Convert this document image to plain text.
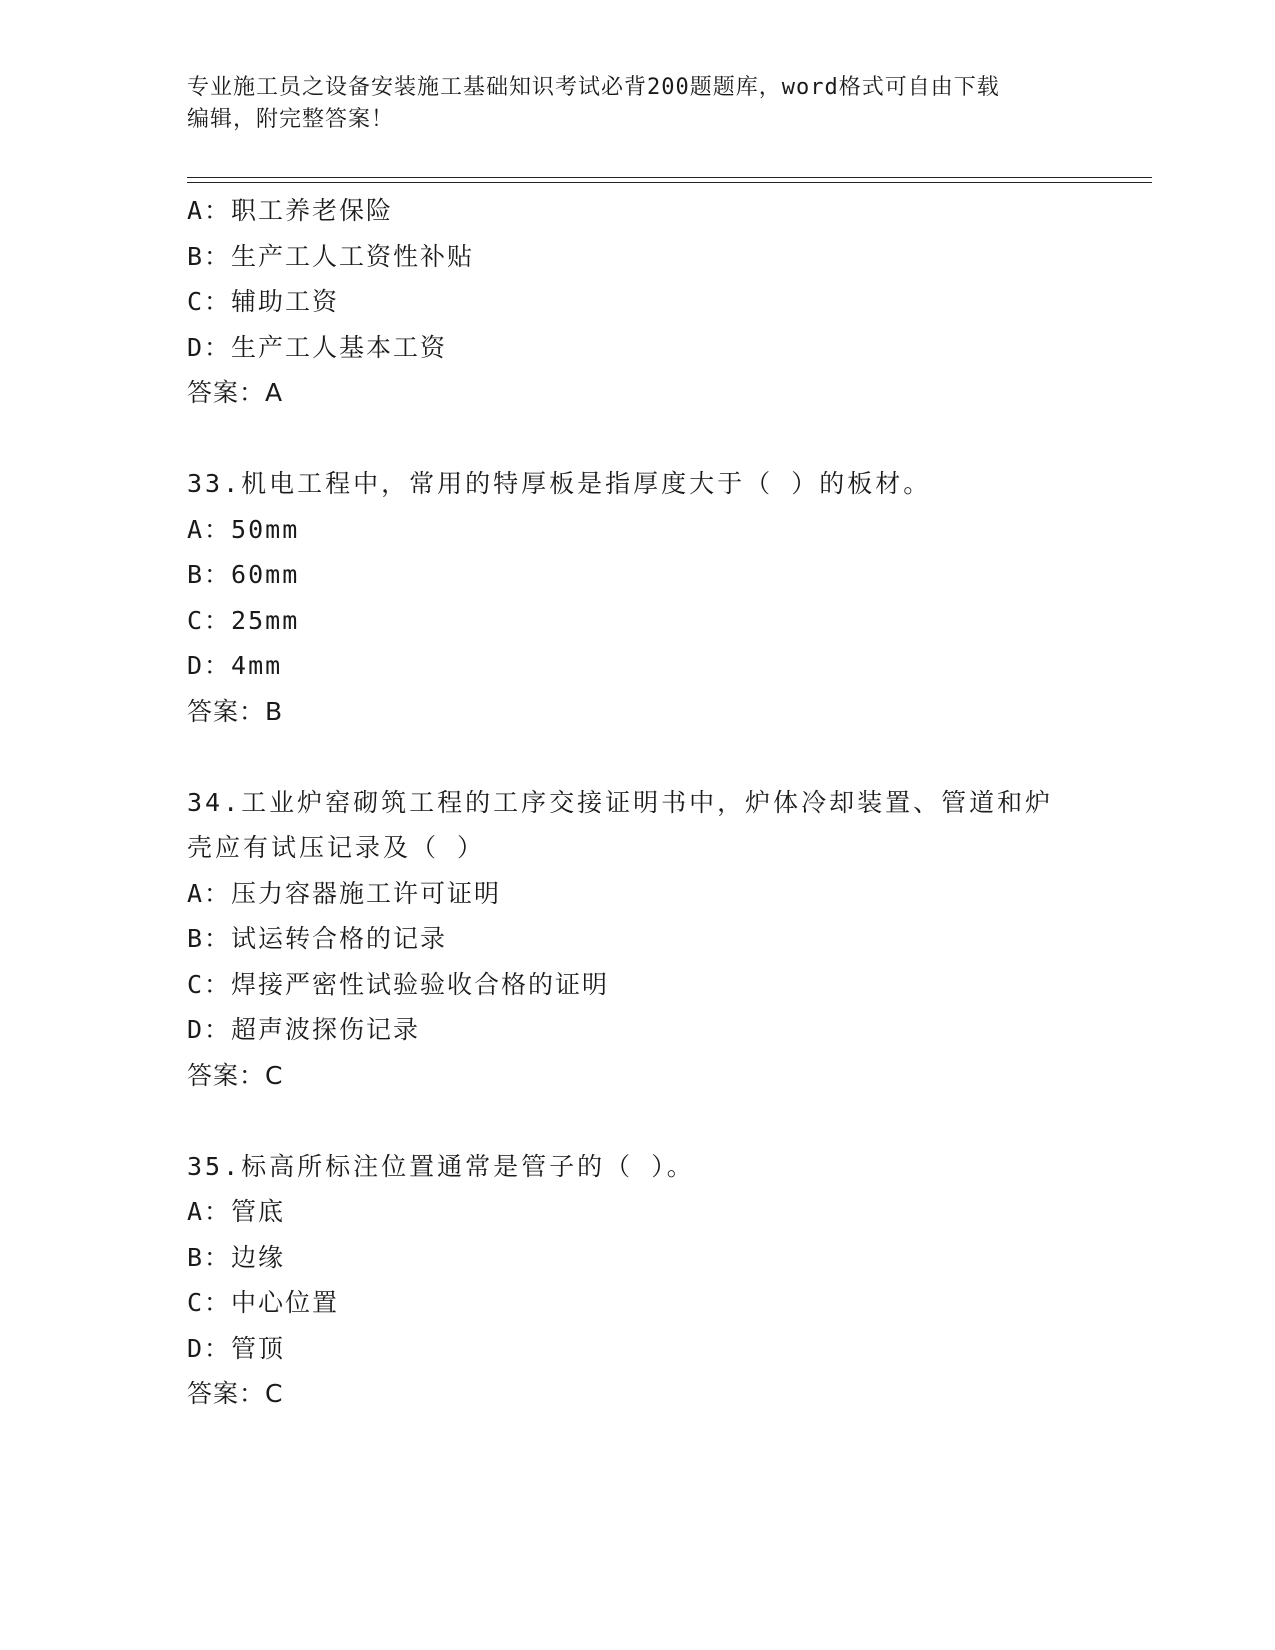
专业施工员之设备安装施工基础知识考试必背200题题库，word格式可自由下载
编辑，附完整答案！
A：职工养老保险
B：生产工人工资性补贴
C：辅助工资
D：生产工人基本工资
答案：A
33.机电工程中，常用的特厚板是指厚度大于（ ）的板材。
A：50mm
B：60mm
C：25mm
D：4mm
答案：B
34.工业炉窑砌筑工程的工序交接证明书中，炉体冷却装置、管道和炉
壳应有试压记录及（ ）
A：压力容器施工许可证明
B：试运转合格的记录
C：焊接严密性试验验收合格的证明
D：超声波探伤记录
答案：C
35.标高所标注位置通常是管子的（ ）。
A：管底
B：边缘
C：中心位置
D：管顶
答案：C
